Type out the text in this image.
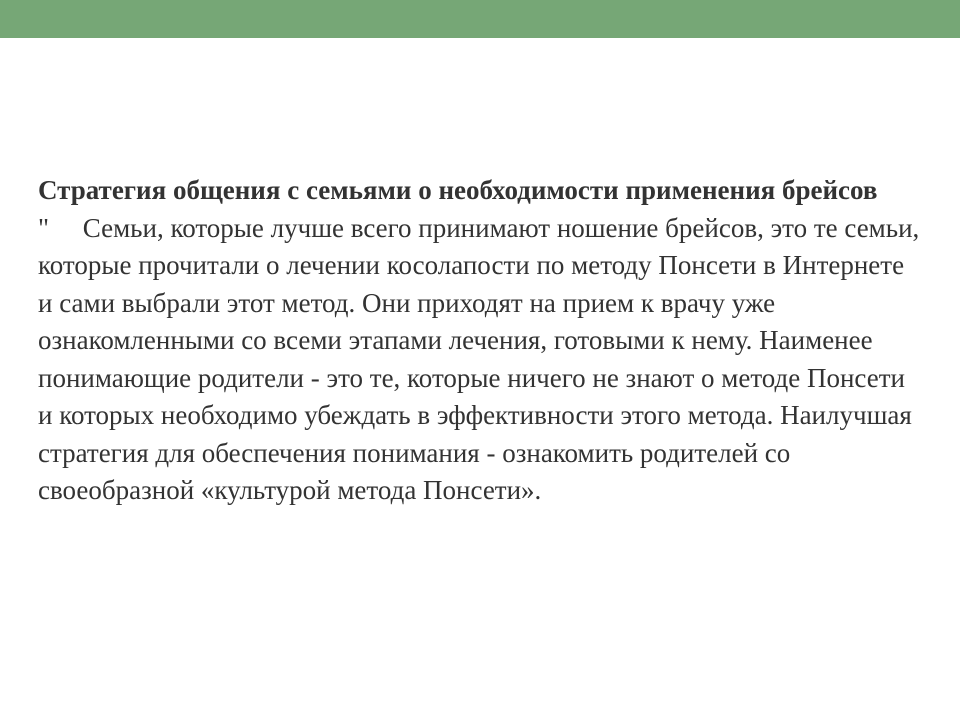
Стратегия общения с семьями о необходимости применения брейсов

"     Семьи, которые лучше всего принимают ношение брейсов, это те семьи, которые прочитали о лечении косолапости по методу Понсети в Интернете и сами выбрали этот метод. Они приходят на прием к врачу уже ознакомленными со всеми этапами лечения, готовыми к нему. Наименее понимающие родители - это те, которые ничего не знают о методе Понсети и которых необходимо убеждать в эффективности этого метода. Наилучшая стратегия для обеспечения понимания - ознакомить родителей со  своеобразной «культурой метода Понсети».
